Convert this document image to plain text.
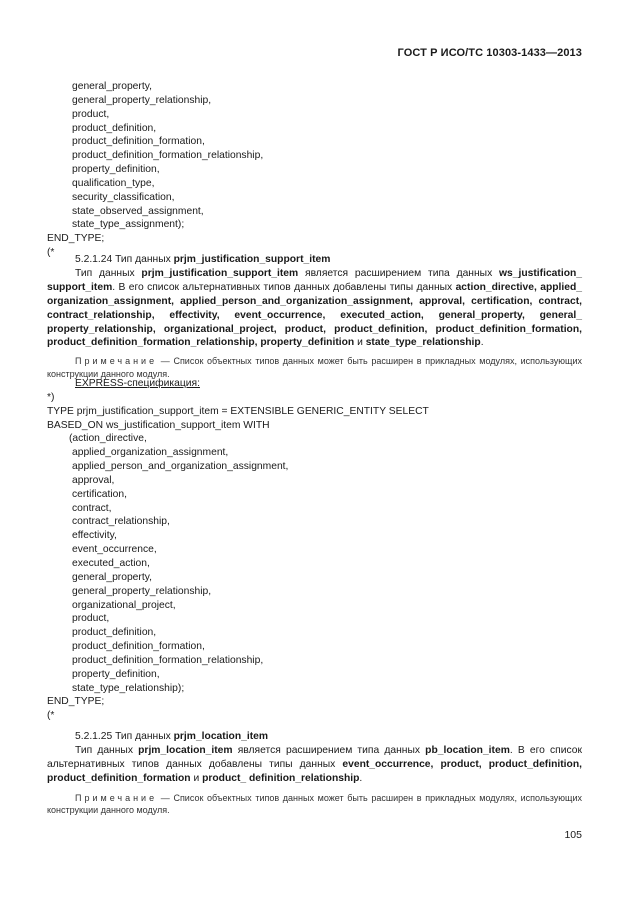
ГОСТ Р ИСО/ТС 10303-1433—2013
general_property,
general_property_relationship,
product,
product_definition,
product_definition_formation,
product_definition_formation_relationship,
property_definition,
qualification_type,
security_classification,
state_observed_assignment,
state_type_assignment);
END_TYPE;
(*
5.2.1.24 Тип данных prjm_justification_support_item
Тип данных prjm_justification_support_item является расширением типа данных ws_justification_ support_item. В его список альтернативных типов данных добавлены типы данных action_directive, applied_ organization_assignment, applied_person_and_organization_assignment, approval, certification, contract, contract_relationship, effectivity, event_occurrence, executed_action, general_property, general_ property_relationship, organizational_project, product, product_definition, product_definition_formation, product_definition_formation_relationship, property_definition и state_type_relationship.
Примечание — Список объектных типов данных может быть расширен в прикладных модулях, использующих конструкции данного модуля.
EXPRESS-спецификация:
*)
TYPE prjm_justification_support_item = EXTENSIBLE GENERIC_ENTITY SELECT
BASED_ON ws_justification_support_item WITH
(action_directive,
applied_organization_assignment,
applied_person_and_organization_assignment,
approval,
certification,
contract,
contract_relationship,
effectivity,
event_occurrence,
executed_action,
general_property,
general_property_relationship,
organizational_project,
product,
product_definition,
product_definition_formation,
product_definition_formation_relationship,
property_definition,
state_type_relationship);
END_TYPE;
(*
5.2.1.25 Тип данных prjm_location_item
Тип данных prjm_location_item является расширением типа данных pb_location_item. В его список альтернативных типов данных добавлены типы данных event_occurrence, product, product_definition, product_definition_formation и product_ definition_relationship.
Примечание — Список объектных типов данных может быть расширен в прикладных модулях, использующих конструкции данного модуля.
105
